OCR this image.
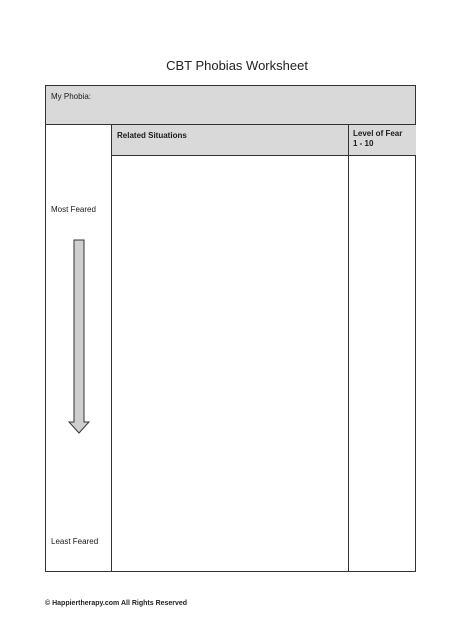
CBT Phobias Worksheet
My Phobia:
Most Feared
Least Feared
Related Situations	Level of Fear
1 - 10
© Happiertherapy.com All Rights Reserved
